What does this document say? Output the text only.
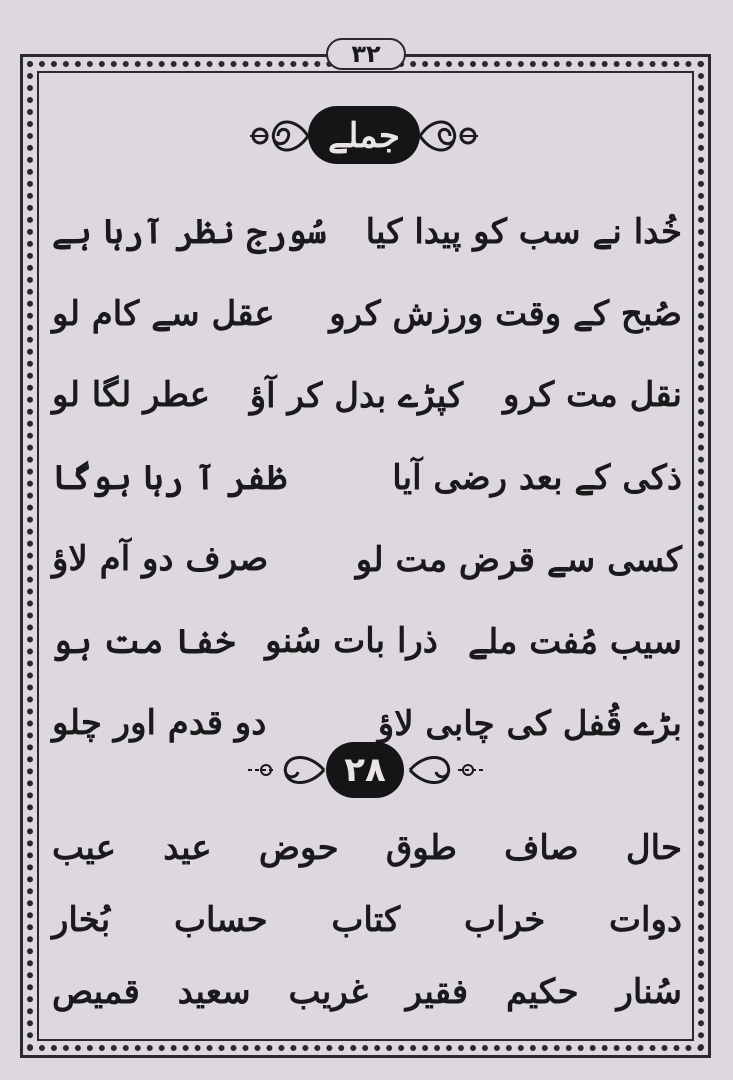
۳۲
جملے
خُدا نے سب کو پیدا کیا
سُورج نظر آرہا ہے
صُبح کے وقت ورزش کرو
عقل سے کام لو
نقل مت کرو
کپڑے بدل کر آؤ
عطر لگا لو
ذکی کے بعد رضی آیا
ظفر آ رہا ہوگا
کسی سے قرض مت لو
صرف دو آم لاؤ
سیب مُفت ملے
ذرا بات سُنو
خفا مت ہو
بڑے قُفل کی چابی لاؤ
دو قدم اور چلو
۲۸
حال
صاف
طوق
حوض
عید
عیب
دوات
خراب
کتاب
حساب
بُخار
سُنار
حکیم
فقیر
غریب
سعید
قمیص
